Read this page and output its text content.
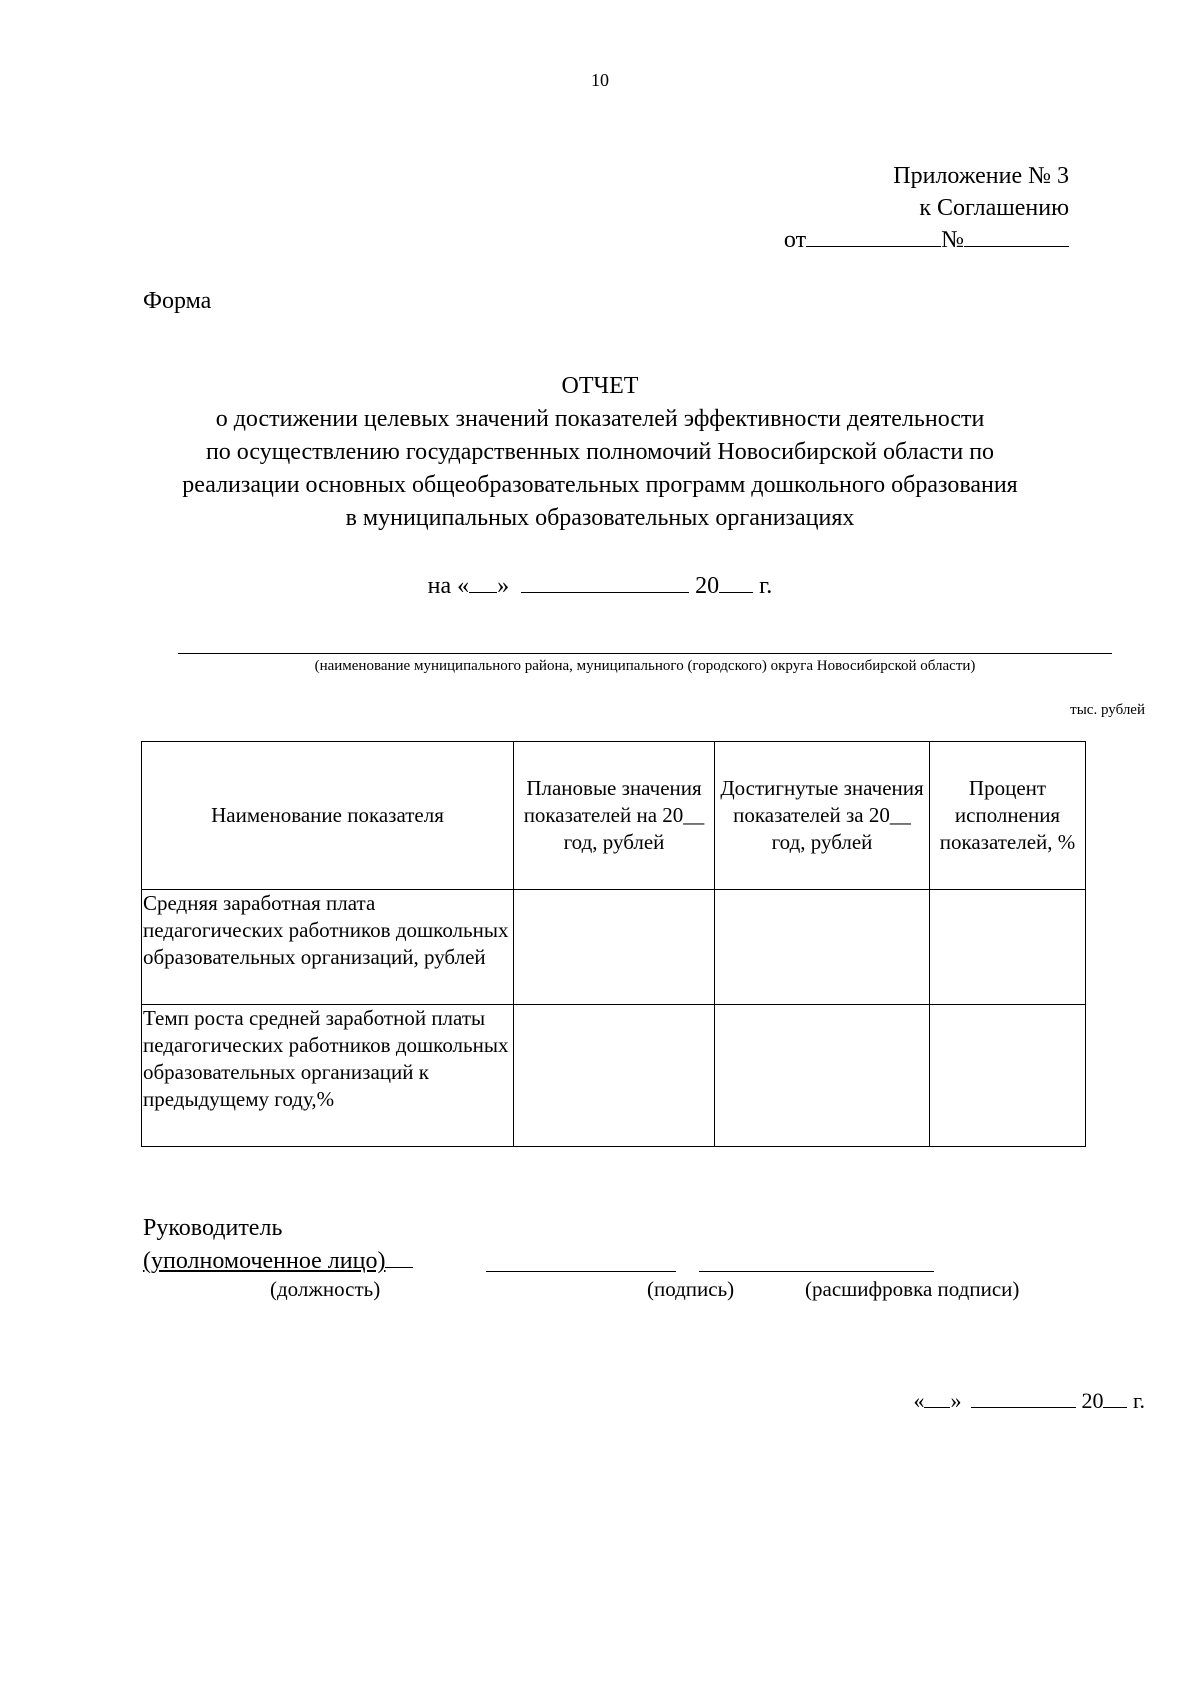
10
Приложение № 3
к Соглашению
от	№
Форма
ОТЧЕТ
о достижении целевых значений показателей эффективности деятельности
по осуществлению государственных полномочий Новосибирской области по
реализации основных общеобразовательных программ дошкольного образования
в муниципальных образовательных организациях
на « »	20 г.
(наименование муниципального района, муниципального (городского) округа Новосибирской области)
тыс. рублей
Наименование показателя	Плановые значения показателей на 20__ год, рублей	Достигнутые значения показателей за 20__ год, рублей	Процент исполнения показателей, %
Средняя заработная плата педагогических работников дошкольных образовательных организаций, рублей			
Темп роста средней заработной платы педагогических работников дошкольных образовательных организаций к предыдущему году,%			
Руководитель
(уполномоченное лицо)
(должность)	(подпись)	(расшифровка подписи)
« »	20 г.
